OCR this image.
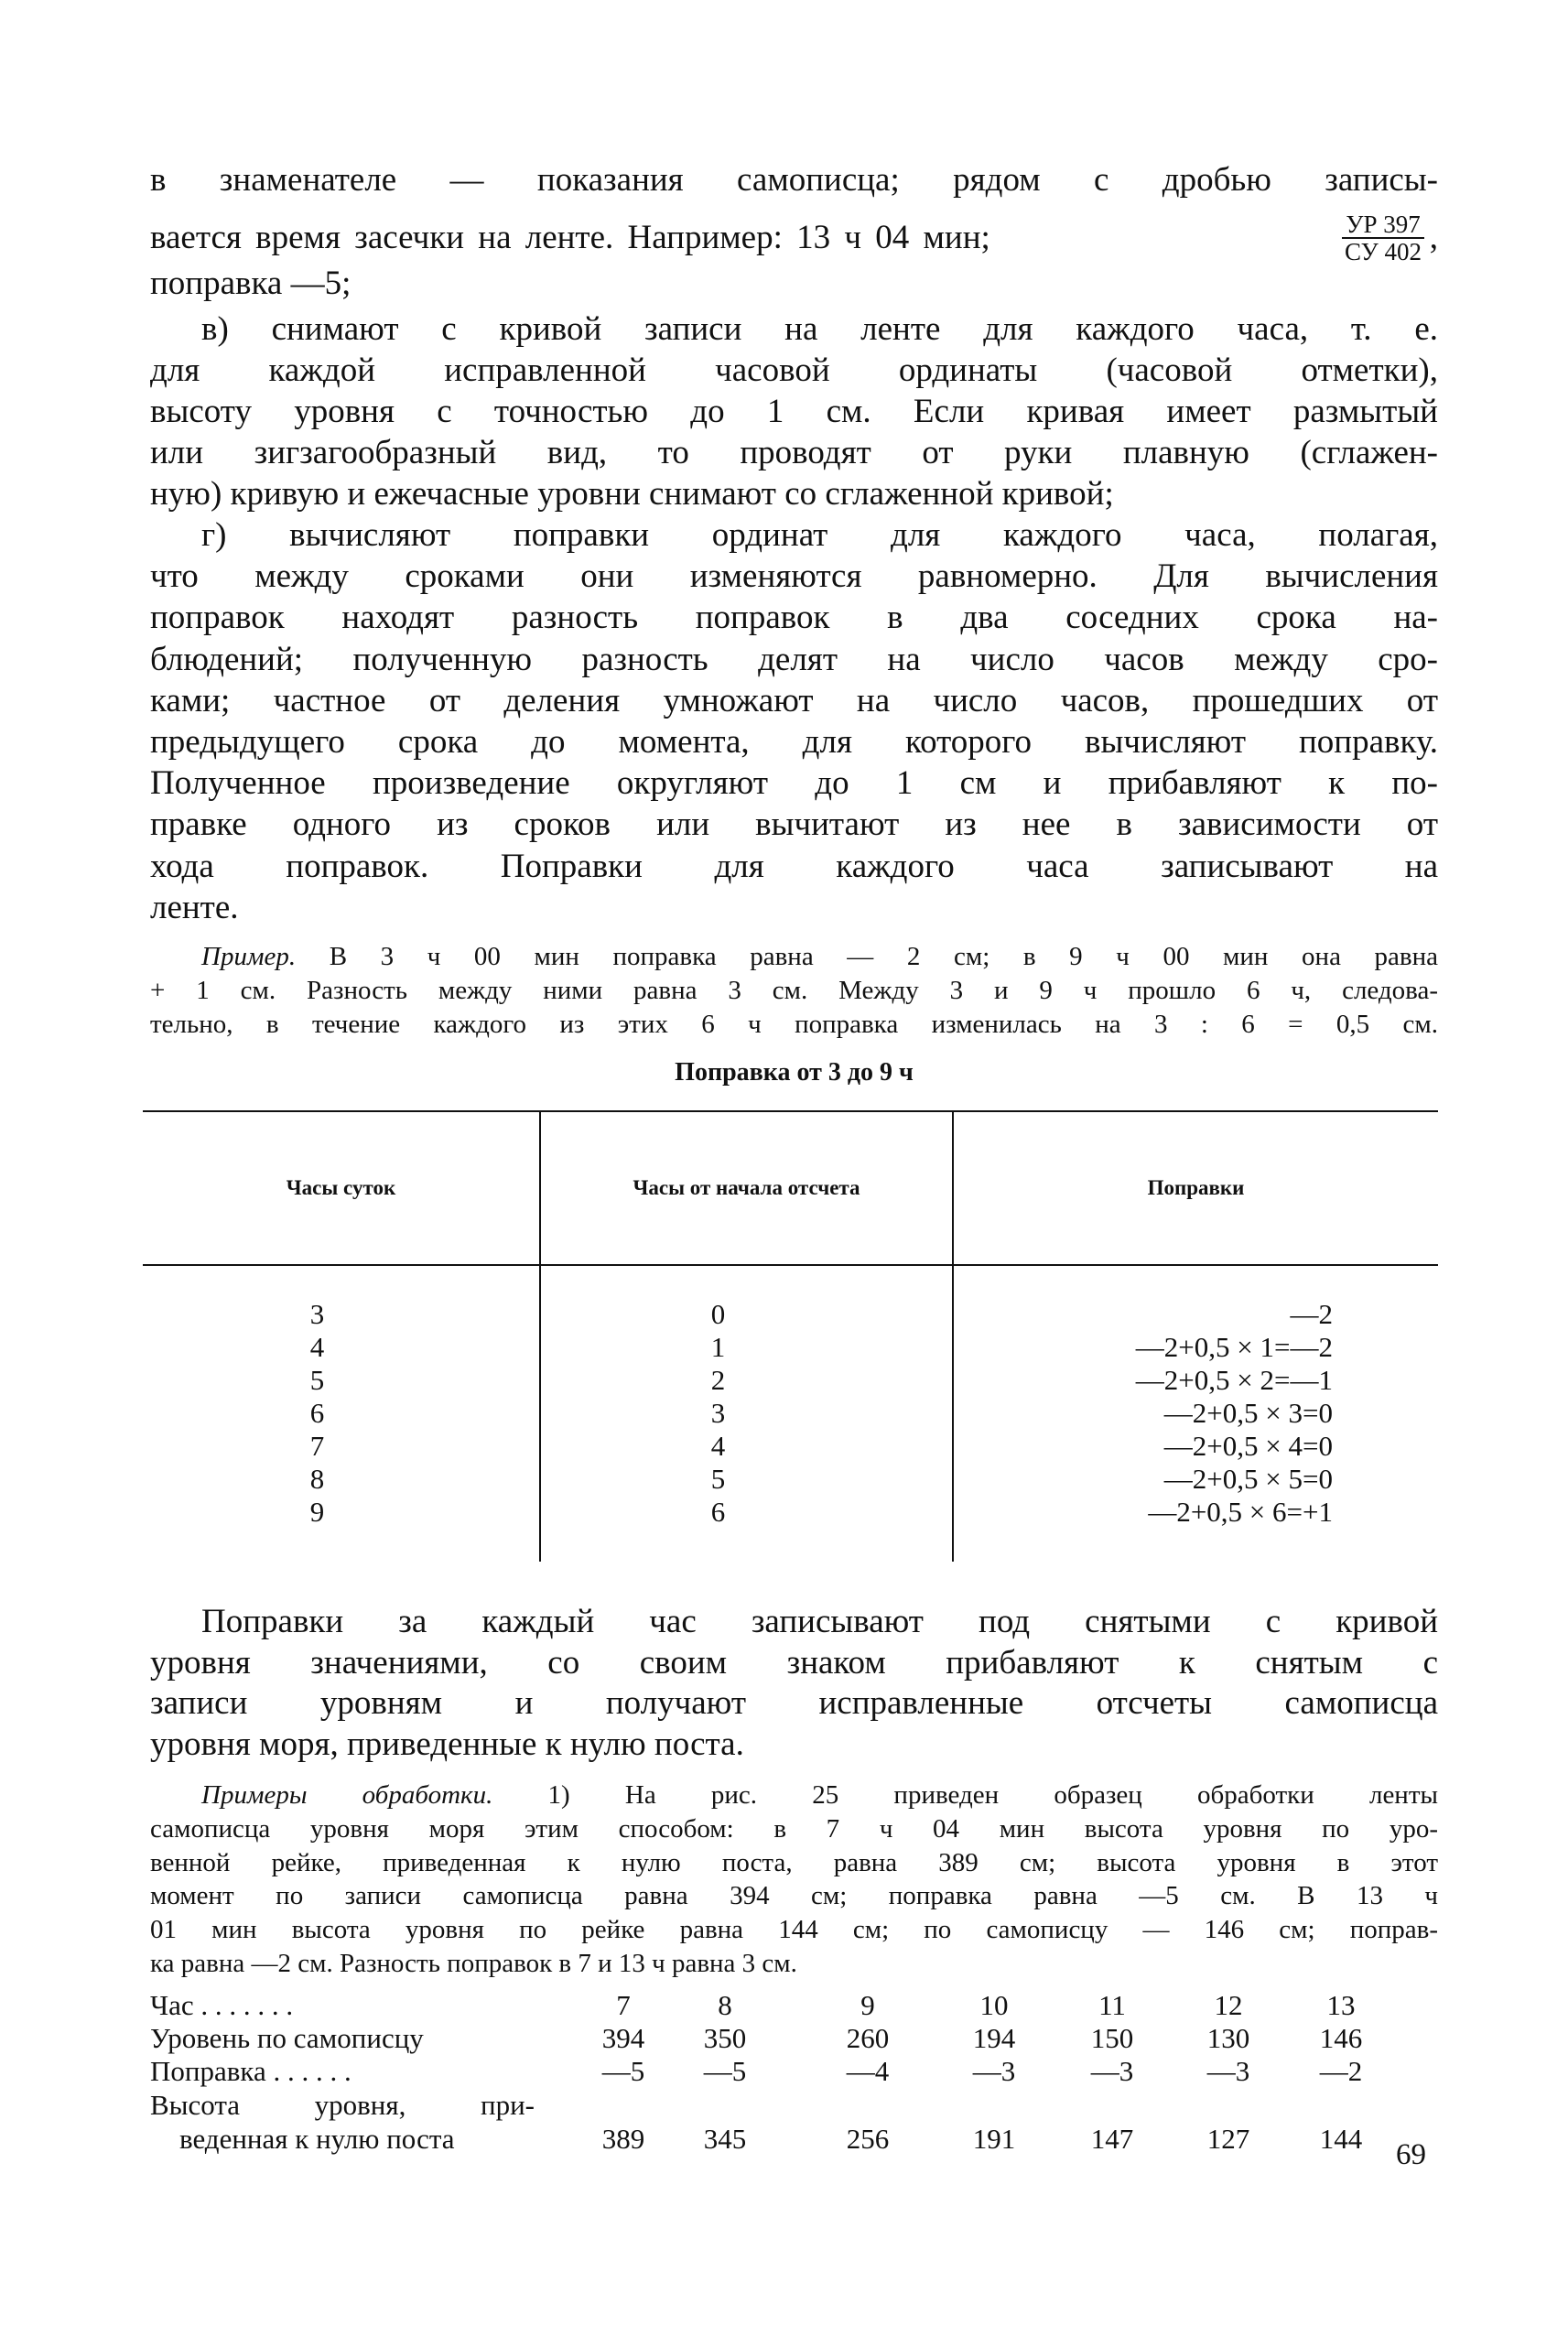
в знаменателе — показания самописца; рядом с дробью записы-
вается время засечки на ленте. Например: 13 ч 04 мин;	$\frac{УР 397}{СУ 402}$ ,
поправка —5;
в) снимают с кривой записи на ленте для каждого часа, т. е.
для каждой исправленной часовой ординаты (часовой отметки),
высоту уровня с точностью до 1 см. Если кривая имеет размытый
или зигзагообразный вид, то проводят от руки плавную (сглажен-
ную) кривую и ежечасные уровни снимают со сглаженной кривой;
г) вычисляют поправки ординат для каждого часа, полагая,
что между сроками они изменяются равномерно. Для вычисления
поправок находят разность поправок в два соседних срока на-
блюдений; полученную разность делят на число часов между сро-
ками; частное от деления умножают на число часов, прошедших от
предыдущего срока до момента, для которого вычисляют поправку.
Полученное произведение округляют до 1 см и прибавляют к по-
правке одного из сроков или вычитают из нее в зависимости от
хода поправок. Поправки для каждого часа записывают на
ленте.
Пример. В 3 ч 00 мин поправка равна — 2 см; в 9 ч 00 мин она равна
+ 1 см. Разность между ними равна 3 см. Между 3 и 9 ч прошло 6 ч, следова-
тельно, в течение каждого из этих 6 ч поправка изменилась на 3 : 6 = 0,5 см.
Поправка от 3 до 9 ч
Часы суток	Часы от начала отсчета	Поправки
3	0	—2
4	1	—2+0,5 × 1=—2
5	2	—2+0,5 × 2=—1
6	3	—2+0,5 × 3=0
7	4	—2+0,5 × 4=0
8	5	—2+0,5 × 5=0
9	6	—2+0,5 × 6=+1
Поправки за каждый час записывают под снятыми с кривой
уровня значениями, со своим знаком прибавляют к снятым с
записи уровням и получают исправленные отсчеты самописца
уровня моря, приведенные к нулю поста.
Примеры обработки. 1) На рис. 25 приведен образец обработки ленты
самописца уровня моря этим способом: в 7 ч 04 мин высота уровня по уро-
венной рейке, приведенная к нулю поста, равна 389 см; высота уровня в этот
момент по записи самописца равна 394 см; поправка равна —5 см. В 13 ч
01 мин высота уровня по рейке равна 144 см; по самописцу — 146 см; поправ-
ка равна —2 см. Разность поправок в 7 и 13 ч равна 3 см.
Час . . . . . . .	7	8	9	10	11	12	13
Уровень по самописцу	394	350	260	194	150	130	146
Поправка . . . . . .	—5	—5	—4	—3	—3	—3	—2
Высота уровня, при-
веденная к нулю поста	389	345	256	191	147	127	144	69
